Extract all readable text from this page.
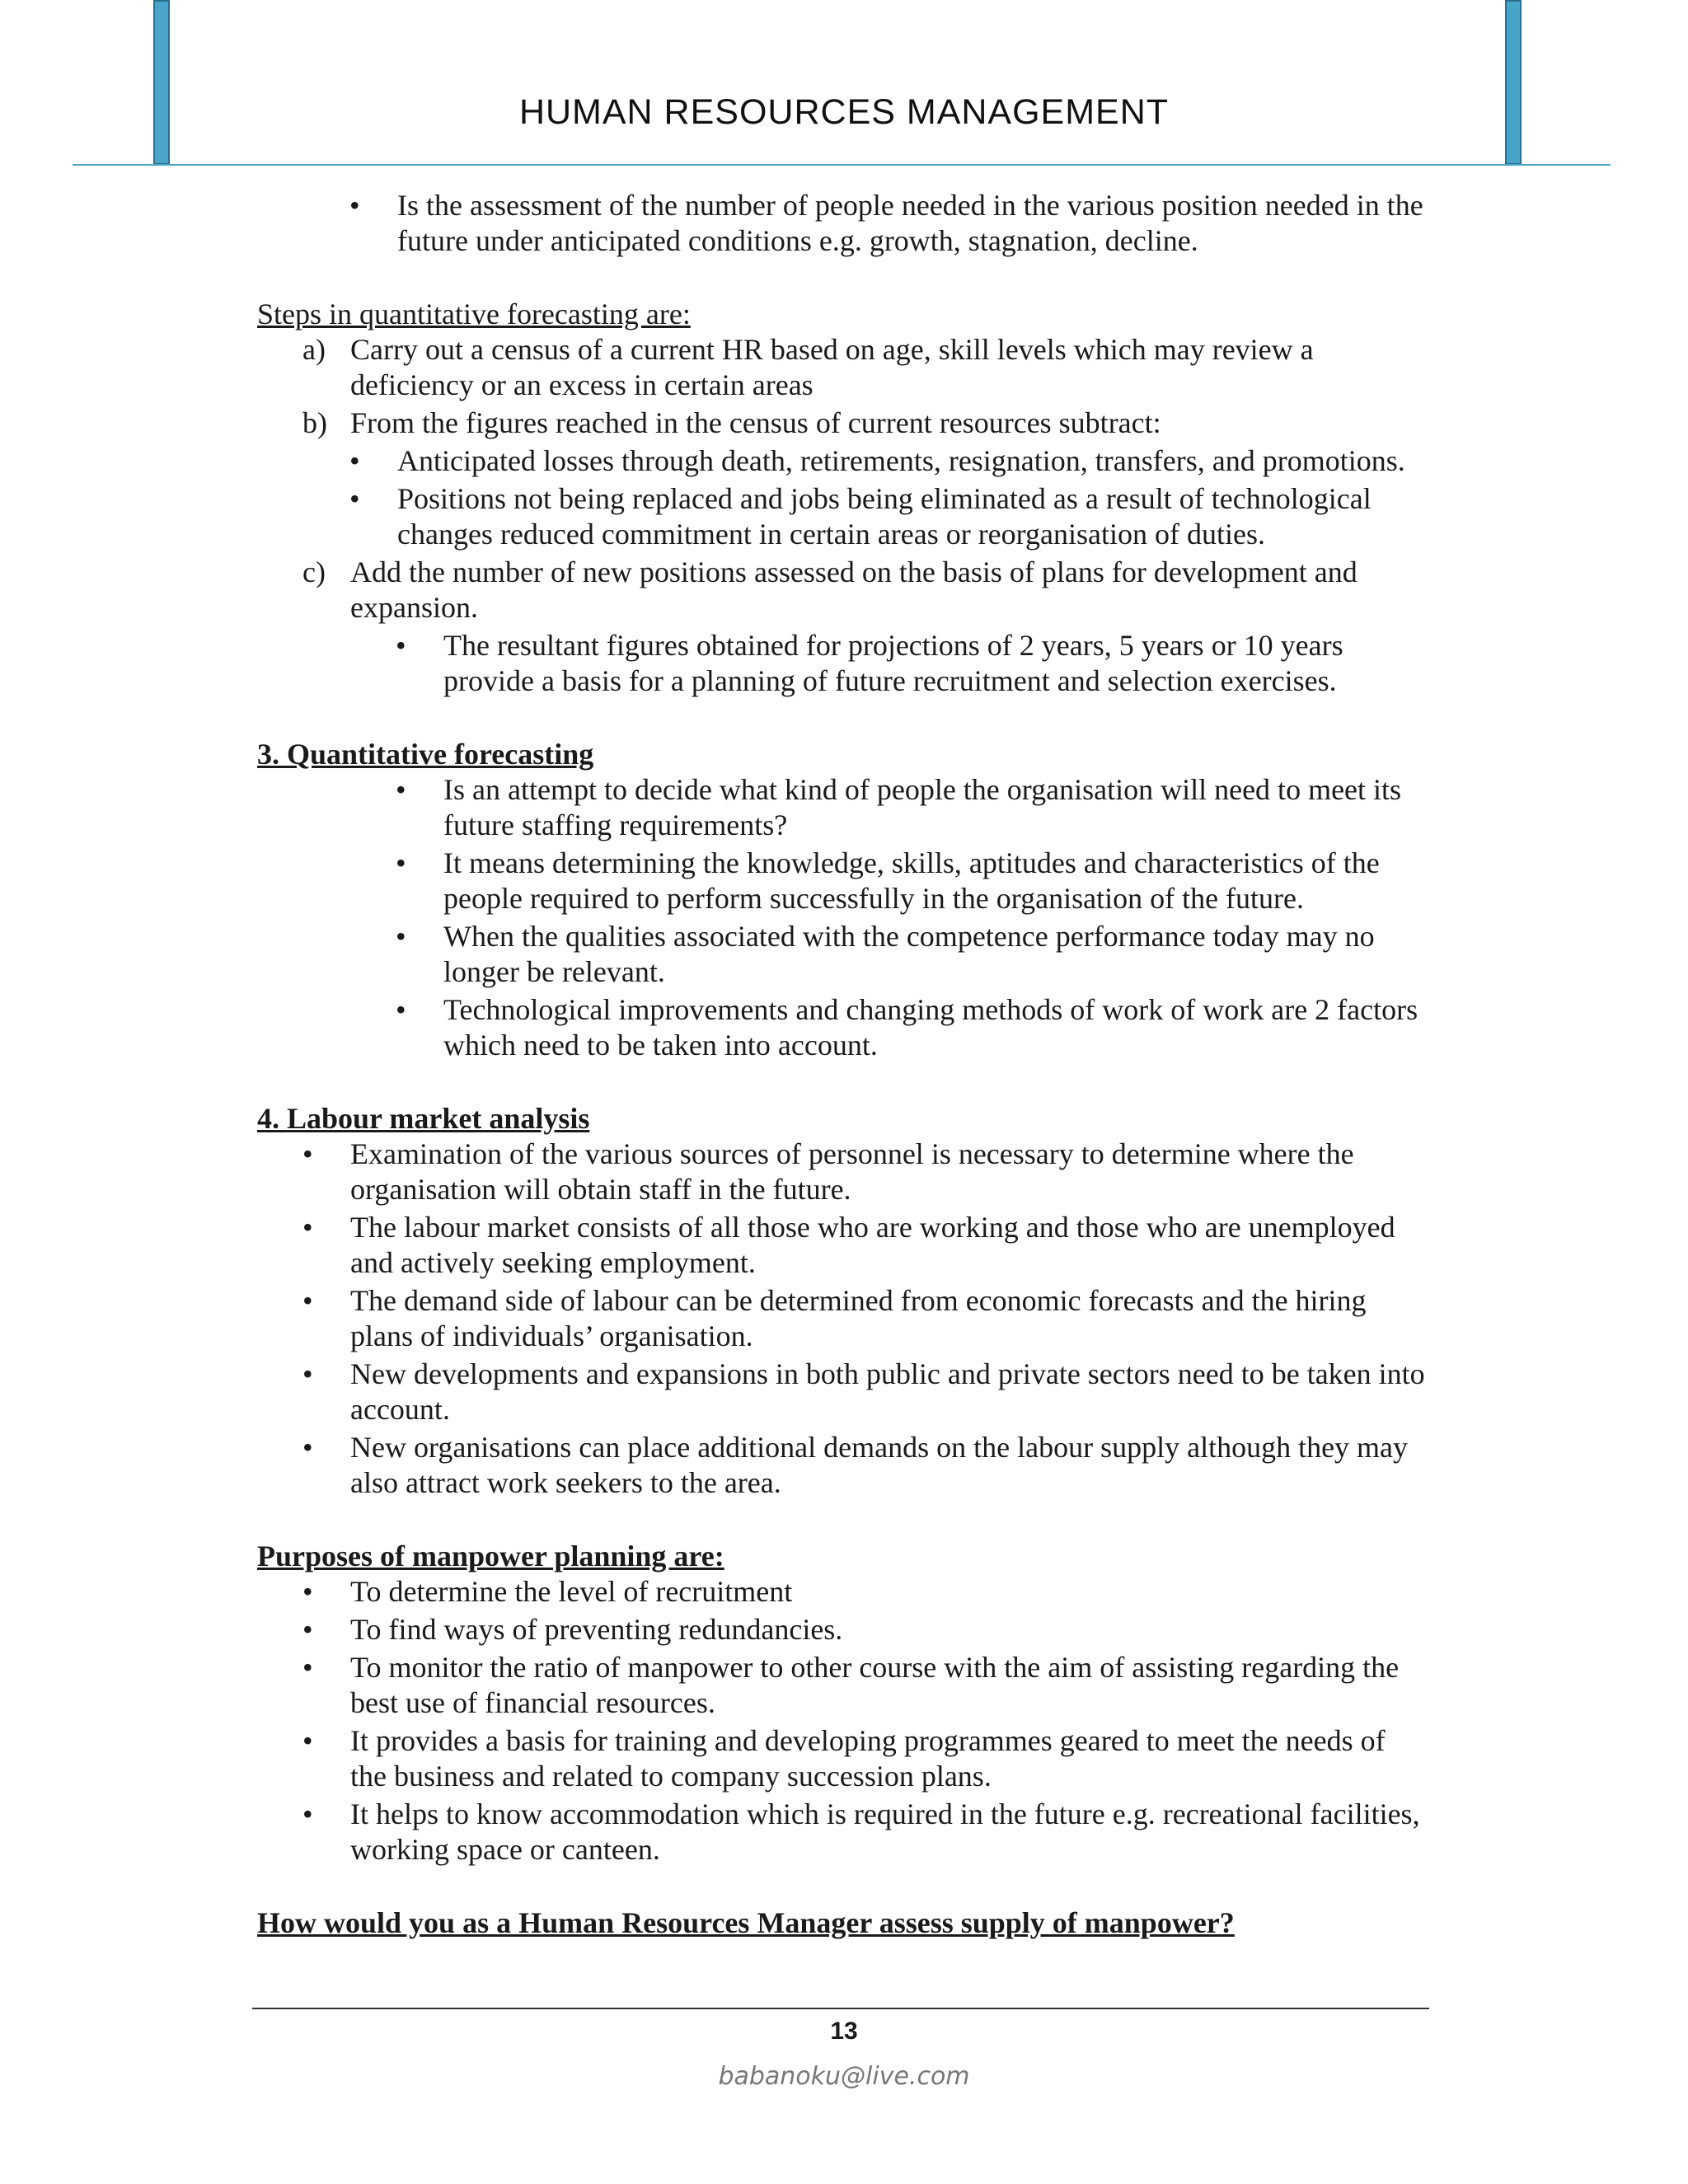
HUMAN RESOURCES MANAGEMENT
• Is the assessment of the number of people needed in the various position needed in the future under anticipated conditions e.g. growth, stagnation, decline.

Steps in quantitative forecasting are:

a) Carry out a census of a current HR based on age, skill levels which may review a deficiency or an excess in certain areas
b) From the figures reached in the census of current resources subtract:
• Anticipated losses through death, retirements, resignation, transfers, and promotions.
• Positions not being replaced and jobs being eliminated as a result of technological changes reduced commitment in certain areas or reorganisation of duties.
c) Add the number of new positions assessed on the basis of plans for development and expansion.
• The resultant figures obtained for projections of 2 years, 5 years or 10 years provide a basis for a planning of future recruitment and selection exercises.

3. Quantitative forecasting

• Is an attempt to decide what kind of people the organisation will need to meet its future staffing requirements?
• It means determining the knowledge, skills, aptitudes and characteristics of the people required to perform successfully in the organisation of the future.
• When the qualities associated with the competence performance today may no longer be relevant.
• Technological improvements and changing methods of work of work are 2 factors which need to be taken into account.

4. Labour market analysis

• Examination of the various sources of personnel is necessary to determine where the organisation will obtain staff in the future.
• The labour market consists of all those who are working and those who are unemployed and actively seeking employment.
• The demand side of labour can be determined from economic forecasts and the hiring plans of individuals’ organisation.
• New developments and expansions in both public and private sectors need to be taken into account.
• New organisations can place additional demands on the labour supply although they may also attract work seekers to the area.

Purposes of manpower planning are:

• To determine the level of recruitment
• To find ways of preventing redundancies.
• To monitor the ratio of manpower to other course with the aim of assisting regarding the best use of financial resources.
• It provides a basis for training and developing programmes geared to meet the needs of the business and related to company succession plans.
• It helps to know accommodation which is required in the future e.g. recreational facilities, working space or canteen.

How would you as a Human Resources Manager assess supply of manpower?

13
babanoku@live.com
